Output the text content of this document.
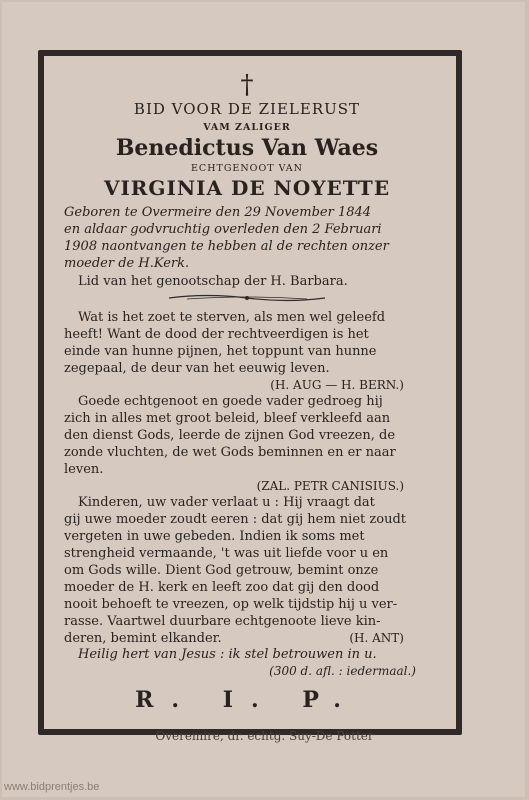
†
BID VOOR DE ZIELERUST
VAM ZALIGER
Benedictus Van Waes
ECHTGENOOT VAN
VIRGINIA DE NOYETTE
Geboren te Overmeire den 29 November 1844
en aldaar godvruchtig overleden den 2 Februari
1908 naontvangen te hebben al de rechten onzer
moeder de H.Kerk.
Lid van het genootschap der H. Barbara.
Wat is het zoet te sterven, als men wel geleefd
heeft! Want de dood der rechtveerdigen is het
einde van hunne pijnen, het toppunt van hunne
zegepaal, de deur van het eeuwig leven.
(H. AUG — H. BERN.)
Goede echtgenoot en goede vader gedroeg hij
zich in alles met groot beleid, bleef verkleefd aan
den dienst Gods, leerde de zijnen God vreezen, de
zonde vluchten, de wet Gods beminnen en er naar
leven.
(ZAL. PETR CANISIUS.)
Kinderen, uw vader verlaat u : Hij vraagt dat
gij uwe moeder zoudt eeren : dat gij hem niet zoudt
vergeten in uwe gebeden. Indien ik soms met
strengheid vermaande, 't was uit liefde voor u en
om Gods wille. Dient God getrouw, bemint onze
moeder de H. kerk en leeft zoo dat gij den dood
nooit behoeft te vreezen, op welk tijdstip hij u ver-
rasse. Vaartwel duurbare echtgenoote lieve kin-
deren, bemint elkander.	(H. ANT)
Heilig hert van Jesus : ik stel betrouwen in u.
(300 d. afl. : iedermaal.)
R. I. P.
Overemire, dr. echtg. Suy-De Potter
www.bidprentjes.be
